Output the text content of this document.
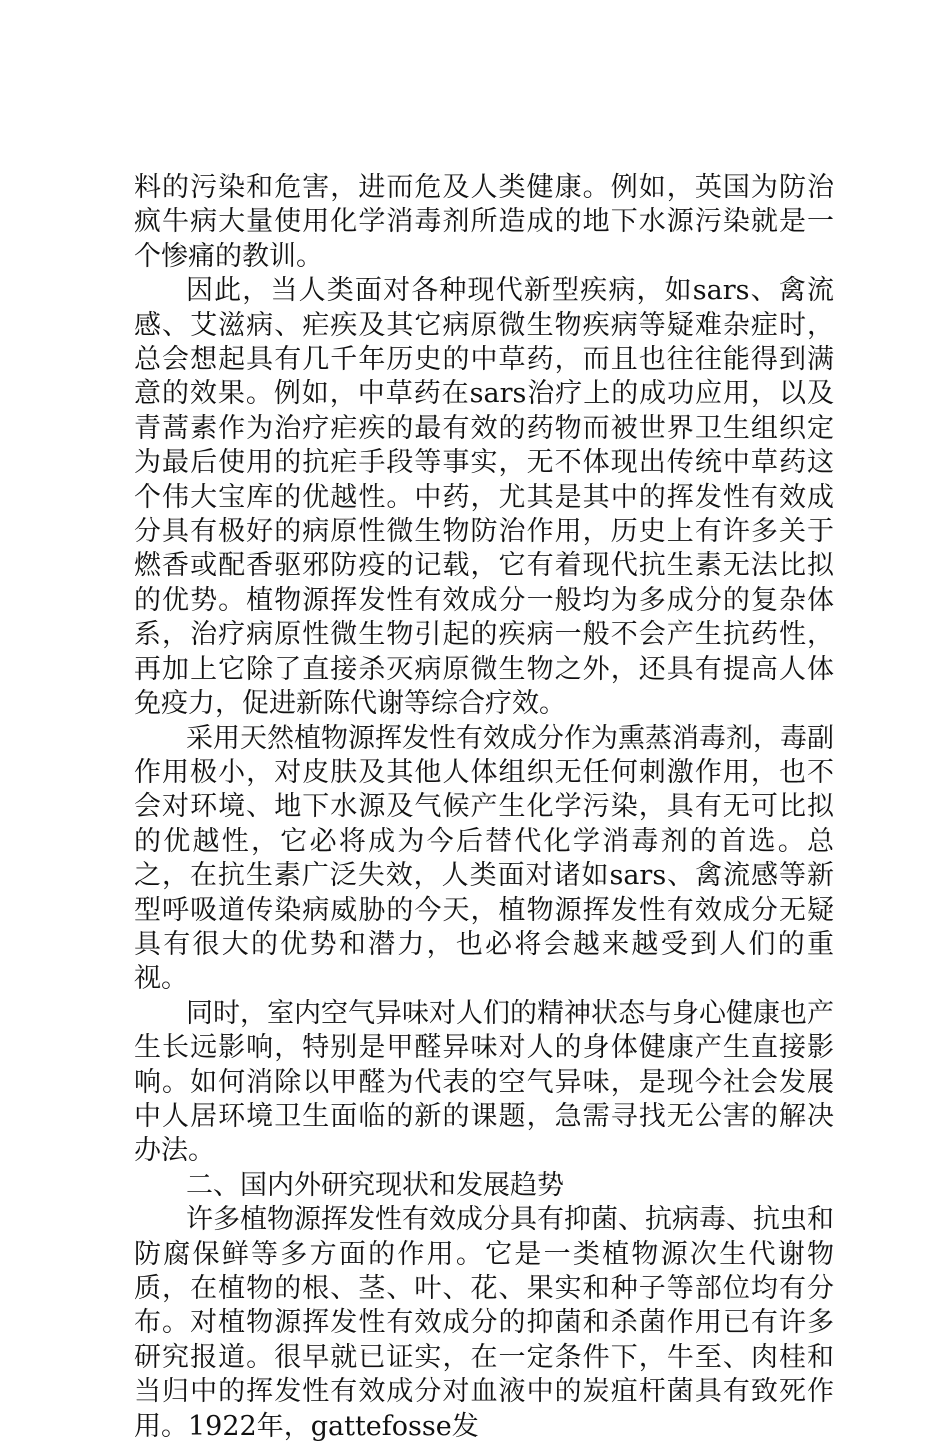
料的污染和危害，进而危及人类健康。例如，英国为防治疯牛病大量使用化学消毒剂所造成的地下水源污染就是一个惨痛的教训。

因此，当人类面对各种现代新型疾病，如sars、禽流感、艾滋病、疟疾及其它病原微生物疾病等疑难杂症时，总会想起具有几千年历史的中草药，而且也往往能得到满意的效果。例如，中草药在sars治疗上的成功应用，以及青蒿素作为治疗疟疾的最有效的药物而被世界卫生组织定为最后使用的抗疟手段等事实，无不体现出传统中草药这个伟大宝库的优越性。中药，尤其是其中的挥发性有效成分具有极好的病原性微生物防治作用，历史上有许多关于燃香或配香驱邪防疫的记载，它有着现代抗生素无法比拟的优势。植物源挥发性有效成分一般均为多成分的复杂体系，治疗病原性微生物引起的疾病一般不会产生抗药性，再加上它除了直接杀灭病原微生物之外，还具有提高人体免疫力，促进新陈代谢等综合疗效。

采用天然植物源挥发性有效成分作为熏蒸消毒剂，毒副作用极小，对皮肤及其他人体组织无任何刺激作用，也不会对环境、地下水源及气候产生化学污染，具有无可比拟的优越性，它必将成为今后替代化学消毒剂的首选。总之，在抗生素广泛失效，人类面对诸如sars、禽流感等新型呼吸道传染病威胁的今天，植物源挥发性有效成分无疑具有很大的优势和潜力，也必将会越来越受到人们的重视。

同时，室内空气异味对人们的精神状态与身心健康也产生长远影响，特别是甲醛异味对人的身体健康产生直接影响。如何消除以甲醛为代表的空气异味，是现今社会发展中人居环境卫生面临的新的课题，急需寻找无公害的解决办法。

二、国内外研究现状和发展趋势

许多植物源挥发性有效成分具有抑菌、抗病毒、抗虫和防腐保鲜等多方面的作用。它是一类植物源次生代谢物质，在植物的根、茎、叶、花、果实和种子等部位均有分布。对植物源挥发性有效成分的抑菌和杀菌作用已有许多研究报道。很早就已证实，在一定条件下，牛至、肉桂和当归中的挥发性有效成分对血液中的炭疽杆菌具有致死作用。1922年，gattefosse发
